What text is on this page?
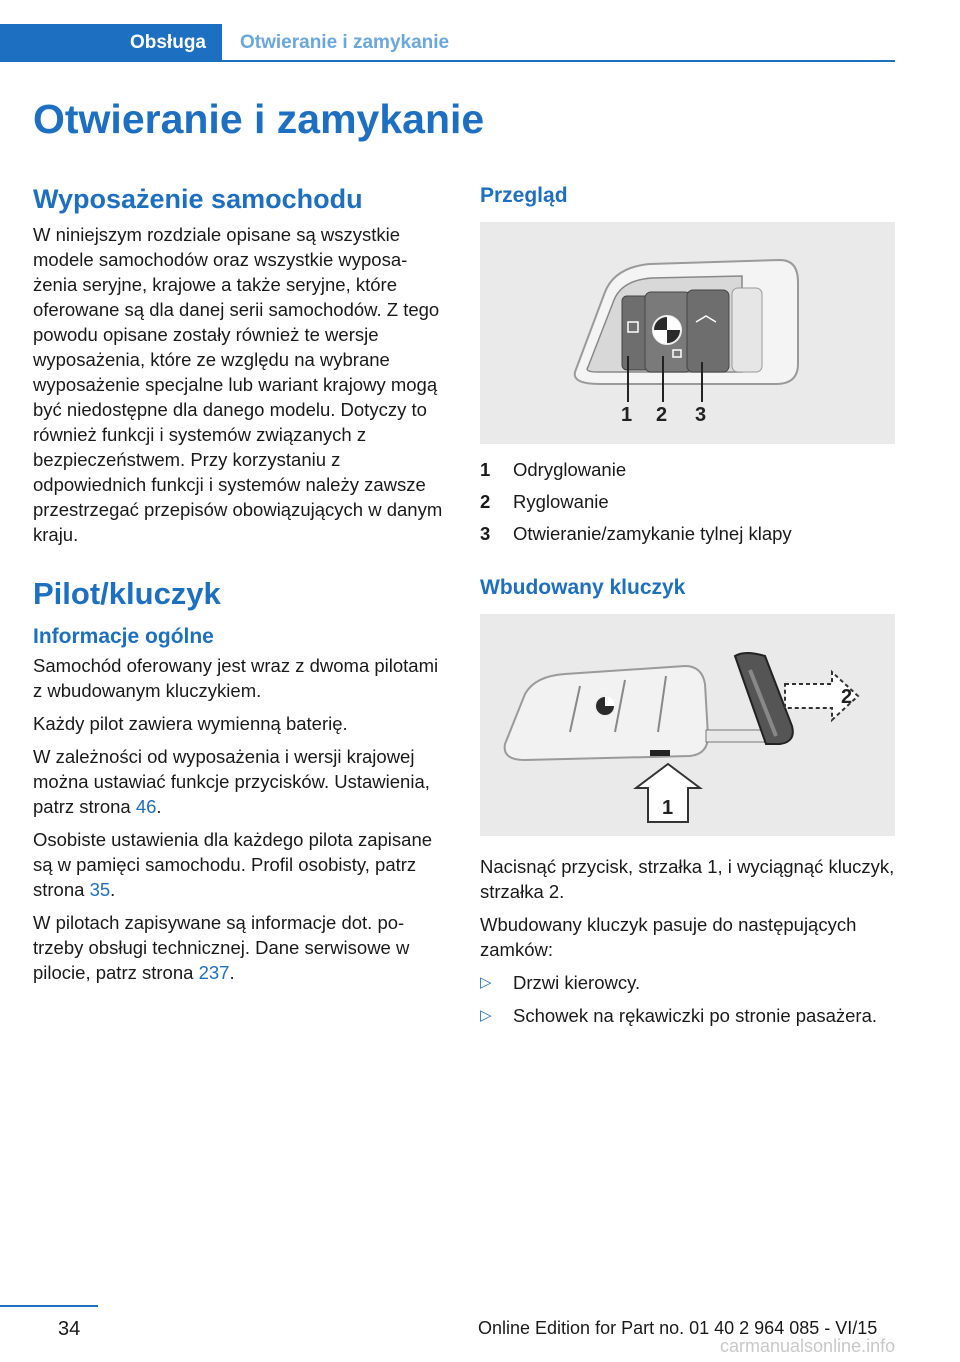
Obsługa	Otwieranie i zamykanie
Otwieranie i zamykanie
Wyposażenie samochodu

W niniejszym rozdziale opisane są wszystkie modele samochodów oraz wszystkie wyposażenia seryjne, krajowe a także seryjne, które oferowane są dla danej serii samochodów. Z tego powodu opisane zostały również te wersje wyposażenia, które ze względu na wybrane wyposażenie specjalne lub wariant krajowy mogą być niedostępne dla danego modelu. Dotyczy to również funkcji i systemów związanych z bezpieczeństwem. Przy korzystaniu z odpowiednich funkcji i systemów należy zawsze przestrzegać przepisów obowiązujących w danym kraju.

Pilot/kluczyk
Informacje ogólne

Samochód oferowany jest wraz z dwoma pilotami z wbudowanym kluczykiem.

Każdy pilot zawiera wymienną baterię.

W zależności od wyposażenia i wersji krajowej można ustawiać funkcje przycisków. Ustawienia, patrz strona 46.

Osobiste ustawienia dla każdego pilota zapisane są w pamięci samochodu. Profil osobisty, patrz strona 35.

W pilotach zapisywane są informacje dot. potrzeby obsługi technicznej. Dane serwisowe w pilocie, patrz strona 237.

Przegląd
1 2 3
1	Odryglowanie
2	Ryglowanie
3	Otwieranie/zamykanie tylnej klapy
Wbudowany kluczyk
2
1

Nacisnąć przycisk, strzałka 1, i wyciągnąć kluczyk, strzałka 2.

Wbudowany kluczyk pasuje do następujących zamków:

▷	Drzwi kierowcy.
▷	Schowek na rękawiczki po stronie pasażera.
34	Online Edition for Part no. 01 40 2 964 085 - VI/15
carmanualsonline.info
